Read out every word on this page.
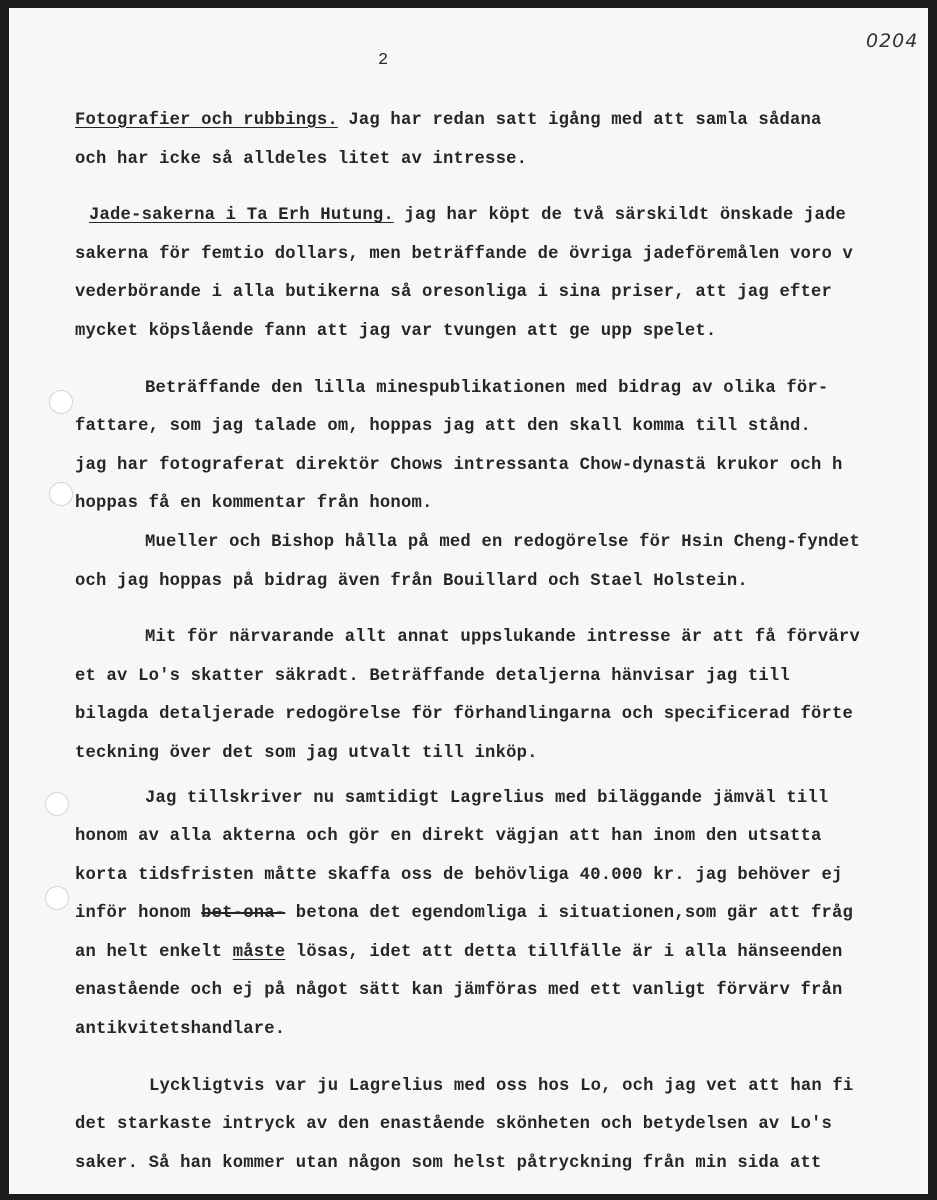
0204
2
Fotografier och rubbings. Jag har redan satt igång med att samla sådana
och har icke så alldeles litet av intresse.
Jade-sakerna i Ta Erh Hutung. jag har köpt de två särskildt önskade jade
sakerna för femtio dollars, men beträffande de övriga jadeföremålen voro v
vederbörande i alla butikerna så oresonliga i sina priser, att jag efter
mycket köpslående fann att jag var tvungen att ge upp spelet.
Beträffande den lilla minespublikationen med bidrag av olika för-
fattare, som jag talade om, hoppas jag att den skall komma till stånd.
jag har fotograferat direktör Chows intressanta Chow-dynastä krukor och h
hoppas få en kommentar från honom.
Mueller och Bishop hålla på med en redogörelse för Hsin Cheng-fyndet
och jag hoppas på bidrag även från Bouillard och Stael Holstein.
Mit för närvarande allt annat uppslukande intresse är att få förvärv
et av Lo's skatter säkradt. Beträffande detaljerna hänvisar jag till
bilagda detaljerade redogörelse för förhandlingarna och specificerad förte
teckning över det som jag utvalt till inköp.
Jag tillskriver nu samtidigt Lagrelius med biläggande jämväl till
honom av alla akterna och gör en direkt vägjan att han inom den utsatta
korta tidsfristen måtte skaffa oss de behövliga 40.000 kr. jag behöver ej
inför honom bet-ona- betona det egendomliga i situationen,som gär att fråg
an helt enkelt måste lösas, idet att detta tillfälle är i alla hänseenden
enastående och ej på något sätt kan jämföras med ett vanligt förvärv från
antikvitetshandlare.
Lyckligtvis var ju Lagrelius med oss hos Lo, och jag vet att han fi
det starkaste intryck av den enastående skönheten och betydelsen av Lo's
saker. Så han kommer utan någon som helst påtryckning från min sida att
